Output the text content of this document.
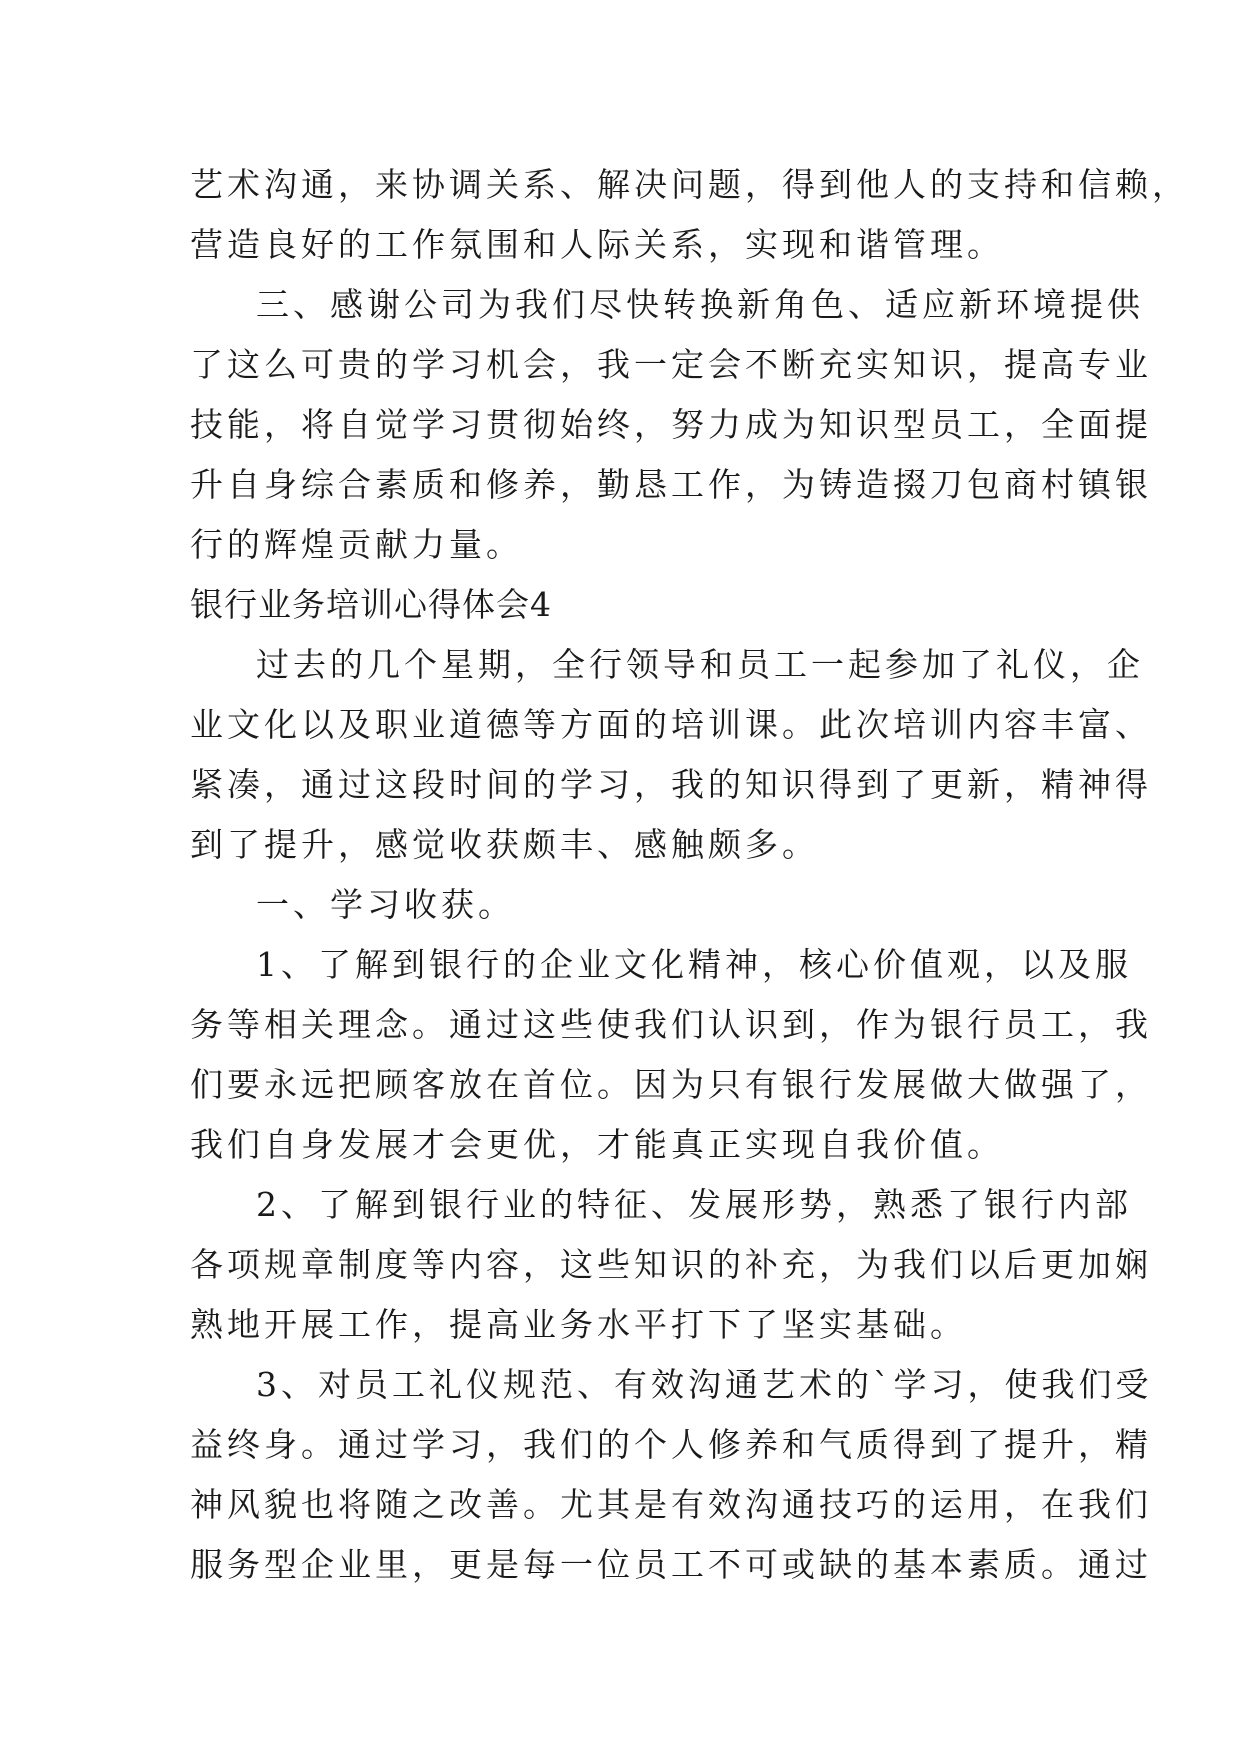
艺术沟通，来协调关系、解决问题，得到他人的支持和信赖，
营造良好的工作氛围和人际关系，实现和谐管理。
三、感谢公司为我们尽快转换新角色、适应新环境提供
了这么可贵的学习机会，我一定会不断充实知识，提高专业
技能，将自觉学习贯彻始终，努力成为知识型员工，全面提
升自身综合素质和修养，勤恳工作，为铸造掇刀包商村镇银
行的辉煌贡献力量。
银行业务培训心得体会4
过去的几个星期，全行领导和员工一起参加了礼仪，企
业文化以及职业道德等方面的培训课。此次培训内容丰富、
紧凑，通过这段时间的学习，我的知识得到了更新，精神得
到了提升，感觉收获颇丰、感触颇多。
一、学习收获。
1、了解到银行的企业文化精神，核心价值观，以及服
务等相关理念。通过这些使我们认识到，作为银行员工，我
们要永远把顾客放在首位。因为只有银行发展做大做强了，
我们自身发展才会更优，才能真正实现自我价值。
2、了解到银行业的特征、发展形势，熟悉了银行内部
各项规章制度等内容，这些知识的补充，为我们以后更加娴
熟地开展工作，提高业务水平打下了坚实基础。
3、对员工礼仪规范、有效沟通艺术的`学习，使我们受
益终身。通过学习，我们的个人修养和气质得到了提升，精
神风貌也将随之改善。尤其是有效沟通技巧的运用，在我们
服务型企业里，更是每一位员工不可或缺的基本素质。通过
